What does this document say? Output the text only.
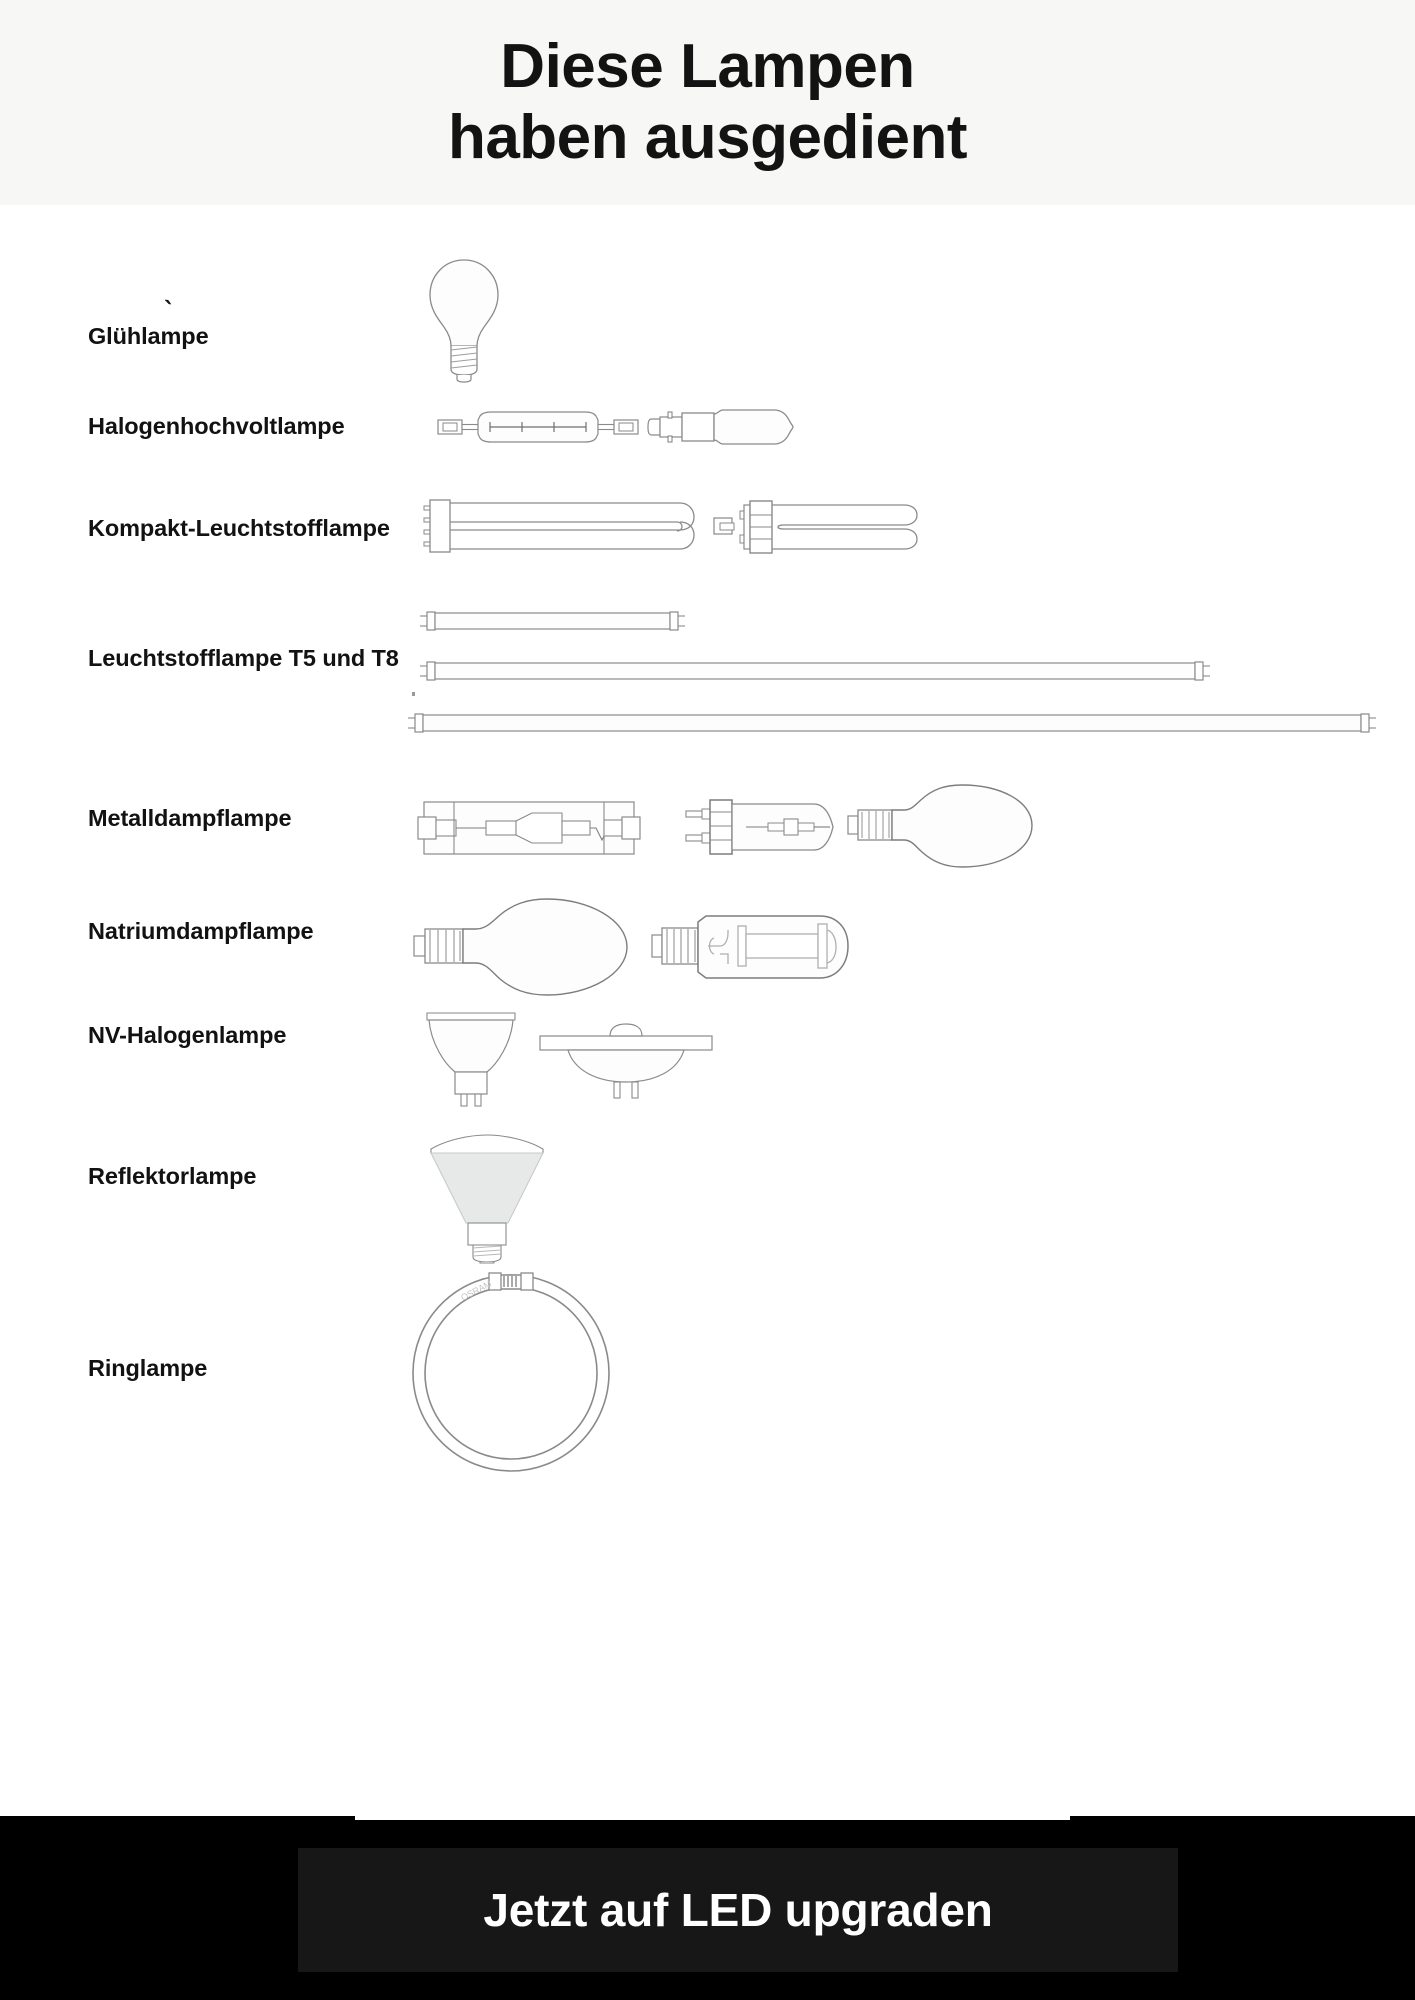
Diese Lampen
haben ausgedient
Glühlampe
`
Halogenhochvoltlampe
Kompakt-Leuchtstofflampe
Leuchtstofflampe T5 und T8
Metalldampflampe
Natriumdampflampe
NV-Halogenlampe
Reflektorlampe
Ringlampe
OSRAM
Jetzt auf LED upgraden
